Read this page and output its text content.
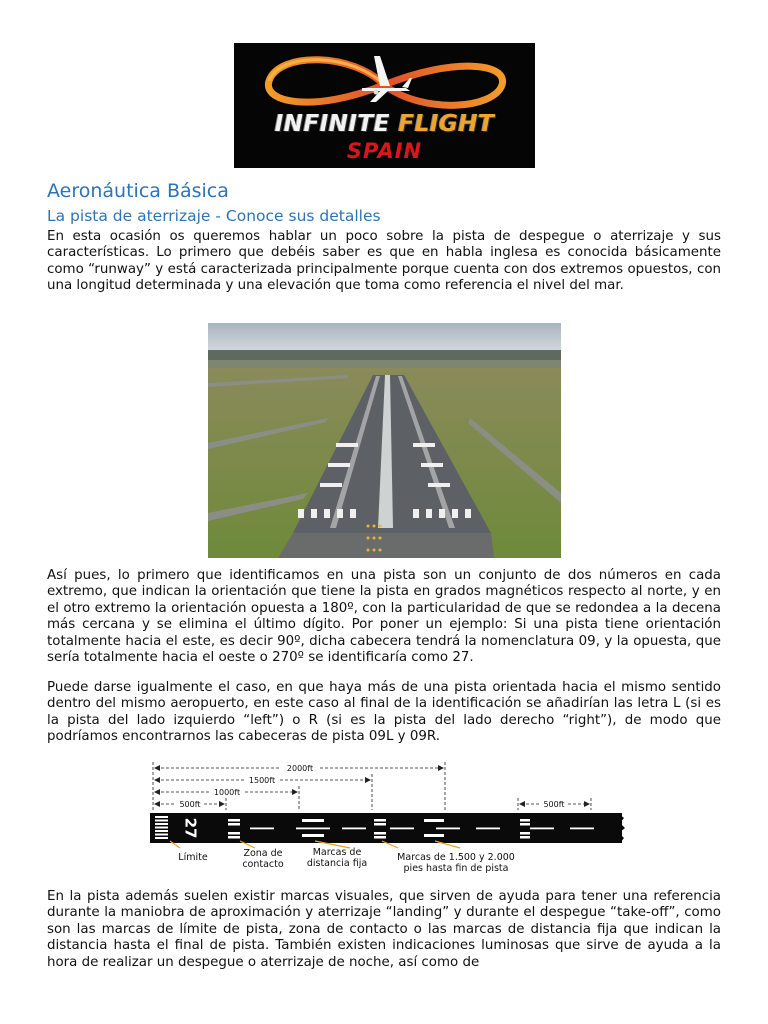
INFINITE FLIGHT
SPAIN
Aeronáutica Básica
La pista de aterrizaje - Conoce sus detalles

En esta ocasión os queremos hablar un poco sobre la pista de despegue o aterrizaje y sus características. Lo primero que debéis saber es que en habla inglesa es conocida básicamente como “runway” y está caracterizada principalmente porque cuenta con dos extremos opuestos, con una longitud determinada y una elevación que toma como referencia el nivel del mar.

Así pues, lo primero que identificamos en una pista son un conjunto de dos números en cada extremo, que indican la orientación que tiene la pista en grados magnéticos respecto al norte, y en el otro extremo la orientación opuesta a 180º, con la particularidad de que se redondea a la decena más cercana y se elimina el último dígito. Por poner un ejemplo: Si una pista tiene orientación totalmente hacia el este, es decir 90º, dicha cabecera tendrá la nomenclatura 09, y la opuesta, que sería totalmente hacia el oeste o 270º se identificaría como 27.

Puede darse igualmente el caso, en que haya más de una pista orientada hacia el mismo sentido dentro del mismo aeropuerto, en este caso al final de la identificación se añadirían las letra L (si es la pista del lado izquierdo “left”) o R (si es la pista del lado derecho “right”), de modo que podríamos encontrarnos las cabeceras de pista 09L y 09R.

2000ft
1500ft
1000ft
500ft	500ft
27
Límite	Zona de contacto
Marcas de distancia fija
Marcas de 1.500 y 2.000 pies hasta fin de pista

En la pista además suelen existir marcas visuales, que sirven de ayuda para tener una referencia durante la maniobra de aproximación y aterrizaje “landing” y durante el despegue “take-off”, como son las marcas de límite de pista, zona de contacto o las marcas de distancia fija que indican la distancia hasta el final de pista. También existen indicaciones luminosas que sirve de ayuda a la hora de realizar un despegue o aterrizaje de noche, así como de
